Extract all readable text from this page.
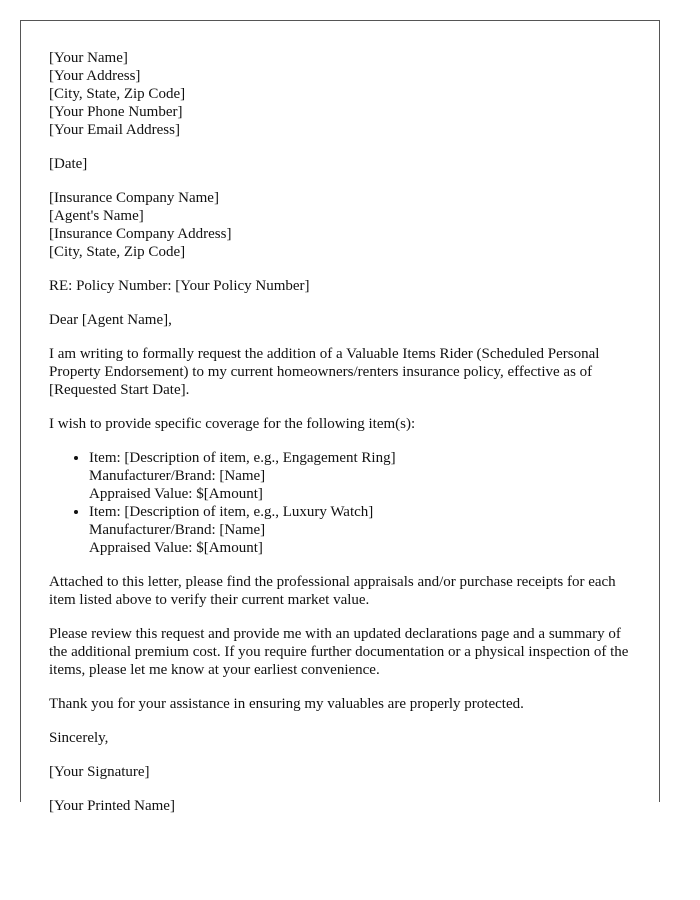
[Your Name]
[Your Address]
[City, State, Zip Code]
[Your Phone Number]
[Your Email Address]
[Date]
[Insurance Company Name]
[Agent's Name]
[Insurance Company Address]
[City, State, Zip Code]

RE: Policy Number: [Your Policy Number]

Dear [Agent Name],

I am writing to formally request the addition of a Valuable Items Rider (Scheduled Personal Property Endorsement) to my current homeowners/renters insurance policy, effective as of [Requested Start Date].

I wish to provide specific coverage for the following item(s):

• Item: [Description of item, e.g., Engagement Ring]
Manufacturer/Brand: [Name]
Appraised Value: $[Amount]
• Item: [Description of item, e.g., Luxury Watch]
Manufacturer/Brand: [Name]
Appraised Value: $[Amount]

Attached to this letter, please find the professional appraisals and/or purchase receipts for each item listed above to verify their current market value.

Please review this request and provide me with an updated declarations page and a summary of the additional premium cost. If you require further documentation or a physical inspection of the items, please let me know at your earliest convenience.

Thank you for your assistance in ensuring my valuables are properly protected.

Sincerely,

[Your Signature]

[Your Printed Name]
